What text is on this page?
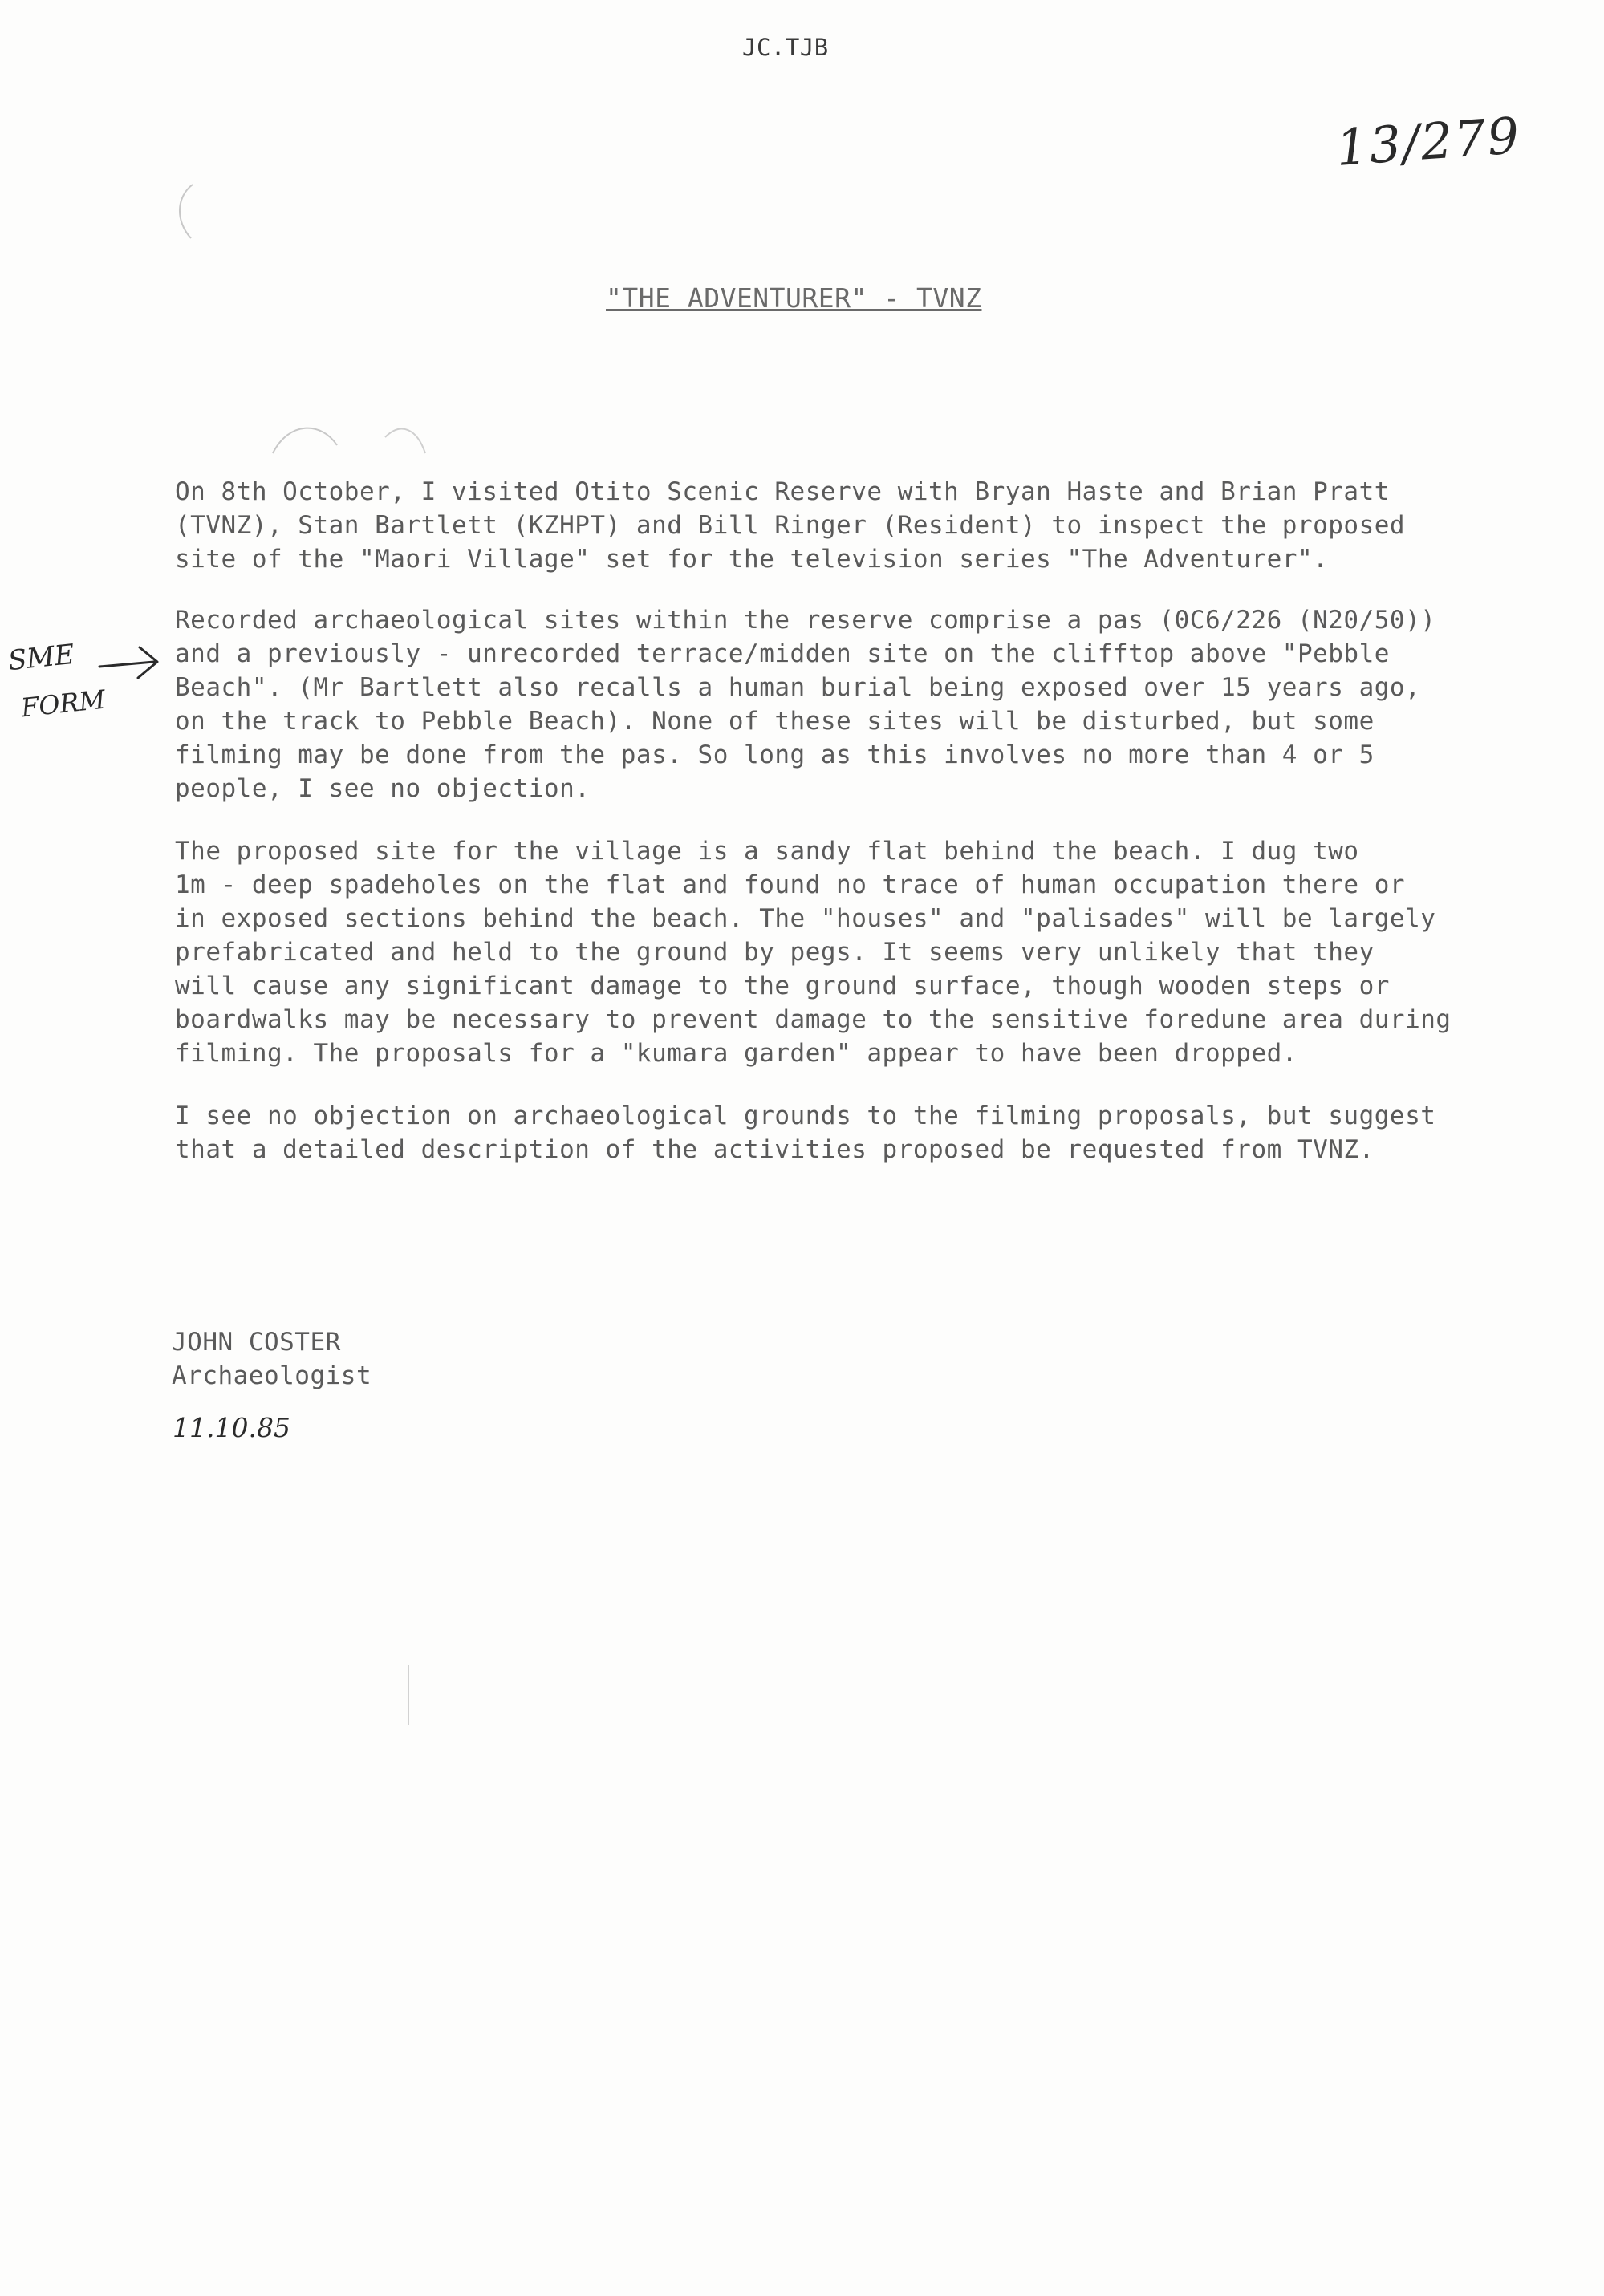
JC.TJB
13/279
"THE ADVENTURER" - TVNZ
SME
FORM

On 8th October, I visited Otito Scenic Reserve with Bryan Haste and Brian Pratt
(TVNZ), Stan Bartlett (KZHPT) and Bill Ringer (Resident) to inspect the proposed
site of the "Maori Village" set for the television series "The Adventurer".

Recorded archaeological sites within the reserve comprise a pas (0C6/226 (N20/50))
and a previously - unrecorded terrace/midden site on the clifftop above "Pebble
Beach". (Mr Bartlett also recalls a human burial being exposed over 15 years ago,
on the track to Pebble Beach). None of these sites will be disturbed, but some
filming may be done from the pas. So long as this involves no more than 4 or 5
people, I see no objection.

The proposed site for the village is a sandy flat behind the beach. I dug two
1m - deep spadeholes on the flat and found no trace of human occupation there or
in exposed sections behind the beach. The "houses" and "palisades" will be largely
prefabricated and held to the ground by pegs. It seems very unlikely that they
will cause any significant damage to the ground surface, though wooden steps or
boardwalks may be necessary to prevent damage to the sensitive foredune area during
filming. The proposals for a "kumara garden" appear to have been dropped.

I see no objection on archaeological grounds to the filming proposals, but suggest
that a detailed description of the activities proposed be requested from TVNZ.

JOHN COSTER
Archaeologist
11.10.85
